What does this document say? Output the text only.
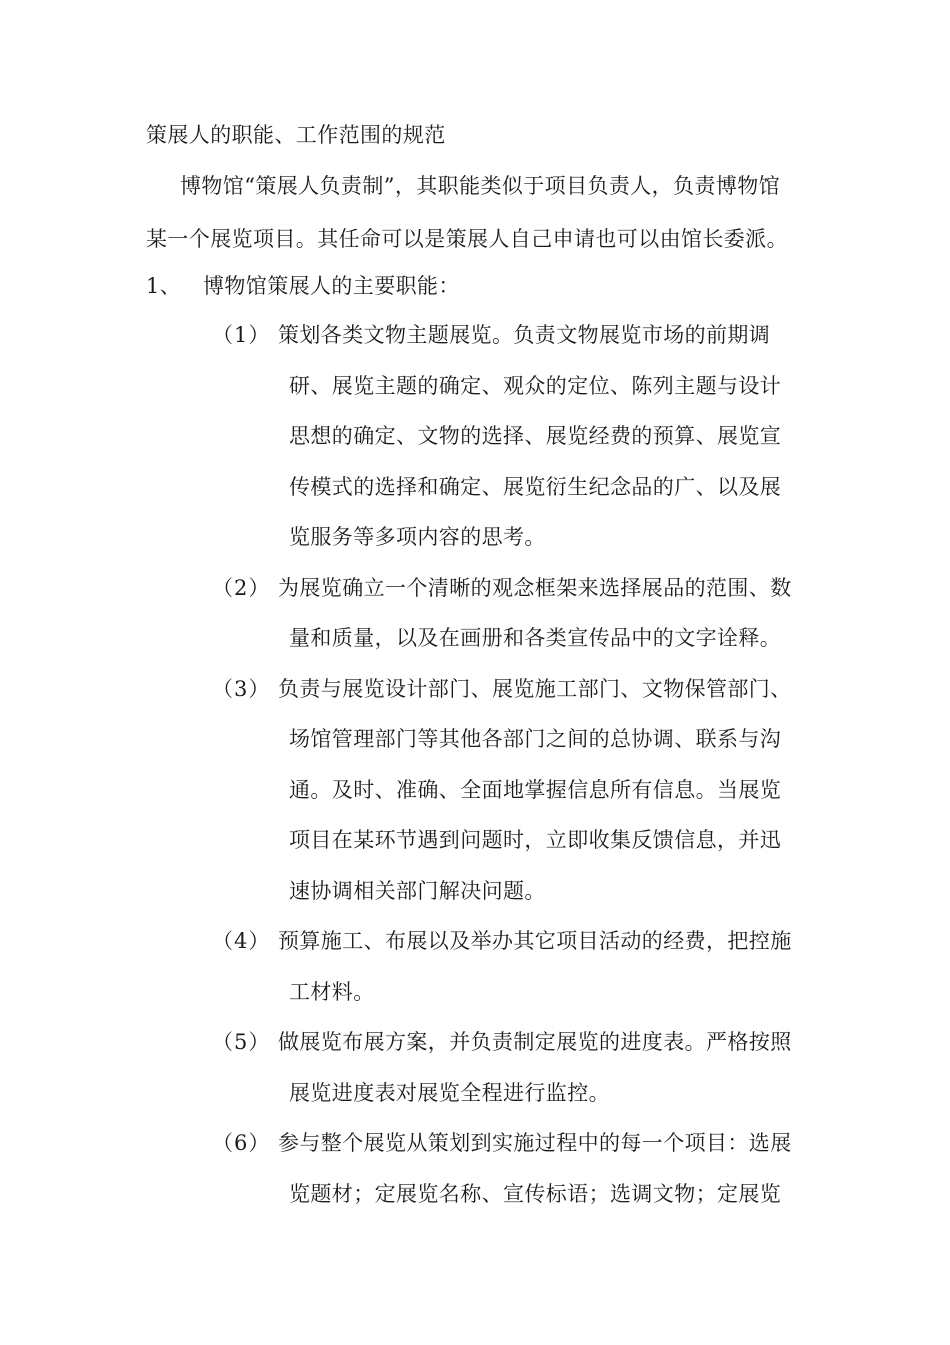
策展人的职能、工作范围的规范
博物馆“策展人负责制”，其职能类似于项目负责人，负责博物馆
某一个展览项目。其任命可以是策展人自己申请也可以由馆长委派。
1、 博物馆策展人的主要职能：
（1） 策划各类文物主题展览。负责文物展览市场的前期调
研、展览主题的确定、观众的定位、陈列主题与设计
思想的确定、文物的选择、展览经费的预算、展览宣
传模式的选择和确定、展览衍生纪念品的广、以及展
览服务等多项内容的思考。
（2） 为展览确立一个清晰的观念框架来选择展品的范围、数
量和质量，以及在画册和各类宣传品中的文字诠释。
（3） 负责与展览设计部门、展览施工部门、文物保管部门、
场馆管理部门等其他各部门之间的总协调、联系与沟
通。及时、准确、全面地掌握信息所有信息。当展览
项目在某环节遇到问题时，立即收集反馈信息，并迅
速协调相关部门解决问题。
（4） 预算施工、布展以及举办其它项目活动的经费，把控施
工材料。
（5） 做展览布展方案，并负责制定展览的进度表。严格按照
展览进度表对展览全程进行监控。
（6） 参与整个展览从策划到实施过程中的每一个项目：选展
览题材；定展览名称、宣传标语；选调文物；定展览
